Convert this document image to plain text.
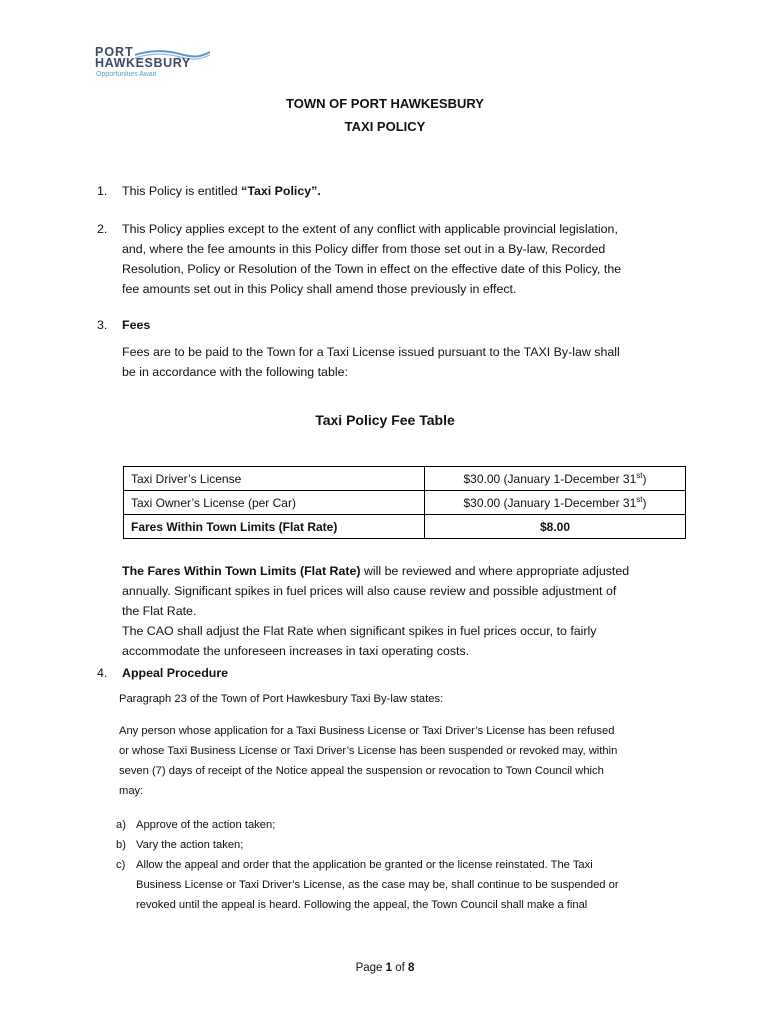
PORT
HAWKESBURY
Opportunities Await
TOWN OF PORT HAWKESBURY
TAXI POLICY
1. This Policy is entitled “Taxi Policy”.
2. This Policy applies except to the extent of any conflict with applicable provincial legislation,
and, where the fee amounts in this Policy differ from those set out in a By-law, Recorded
Resolution, Policy or Resolution of the Town in effect on the effective date of this Policy, the
fee amounts set out in this Policy shall amend those previously in effect.
3. Fees
Fees are to be paid to the Town for a Taxi License issued pursuant to the TAXI By-law shall
be in accordance with the following table:
Taxi Policy Fee Table
Taxi Driver’s License	$30.00 (January 1-December 31st)
Taxi Owner’s License (per Car)	$30.00 (January 1-December 31st)
Fares Within Town Limits (Flat Rate)	$8.00
The Fares Within Town Limits (Flat Rate) will be reviewed and where appropriate adjusted
annually. Significant spikes in fuel prices will also cause review and possible adjustment of
the Flat Rate.
The CAO shall adjust the Flat Rate when significant spikes in fuel prices occur, to fairly
accommodate the unforeseen increases in taxi operating costs.
4. Appeal Procedure
Paragraph 23 of the Town of Port Hawkesbury Taxi By-law states:
Any person whose application for a Taxi Business License or Taxi Driver’s License has been refused
or whose Taxi Business License or Taxi Driver’s License has been suspended or revoked may, within
seven (7) days of receipt of the Notice appeal the suspension or revocation to Town Council which
may:
a) Approve of the action taken;
b) Vary the action taken;
c) Allow the appeal and order that the application be granted or the license reinstated. The Taxi
Business License or Taxi Driver’s License, as the case may be, shall continue to be suspended or
revoked until the appeal is heard. Following the appeal, the Town Council shall make a final
Page 1 of 8
